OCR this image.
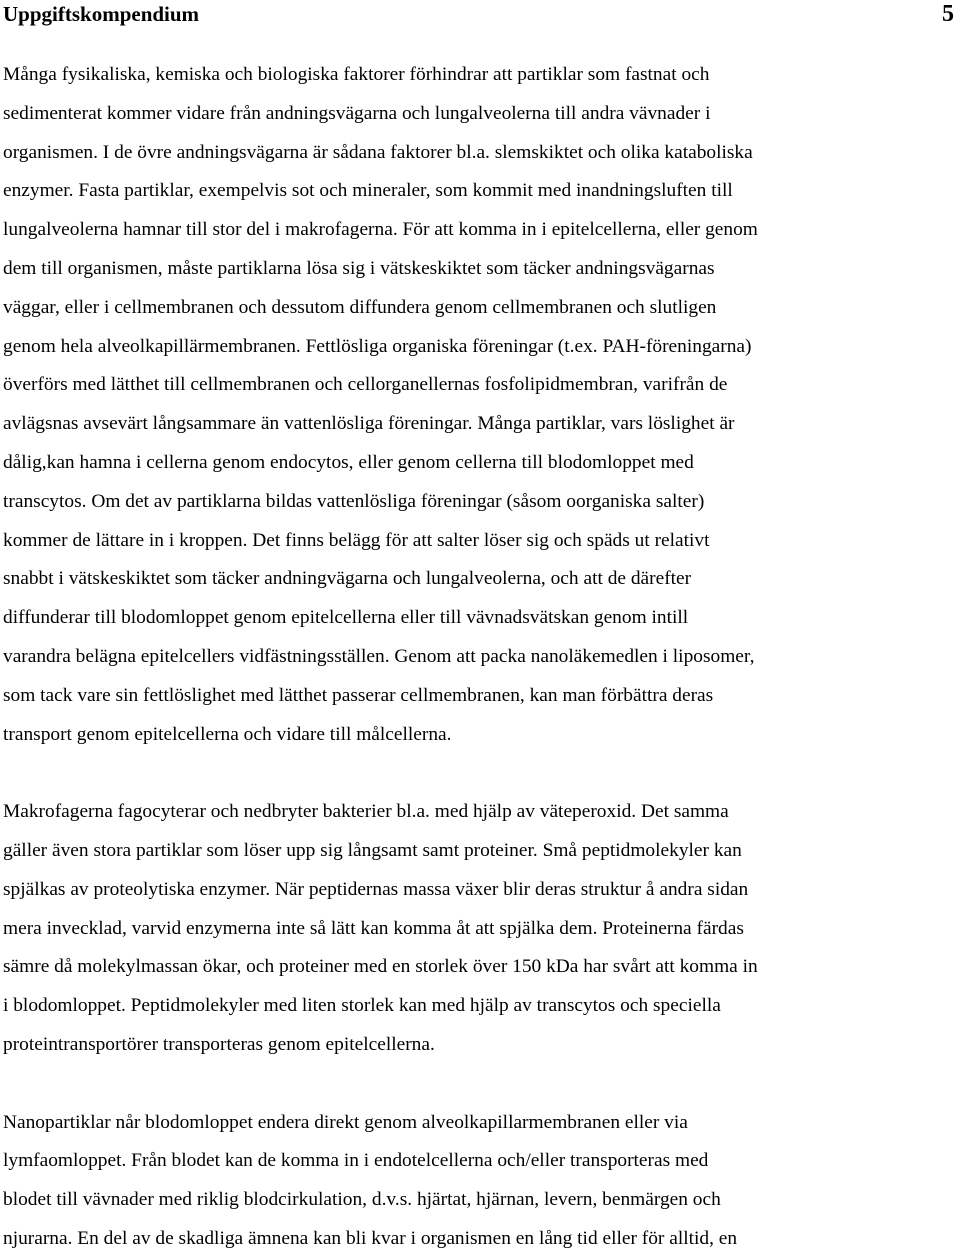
Uppgiftskompendium	5

Många fysikaliska, kemiska och biologiska faktorer förhindrar att partiklar som fastnat och
sedimenterat kommer vidare från andningsvägarna och lungalveolerna till andra vävnader i
organismen. I de övre andningsvägarna är sådana faktorer bl.a. slemskiktet och olika kataboliska
enzymer. Fasta partiklar, exempelvis sot och mineraler, som kommit med inandningsluften till
lungalveolerna hamnar till stor del i makrofagerna. För att komma in i epitelcellerna, eller genom
dem till organismen, måste partiklarna lösa sig i vätskeskiktet som täcker andningsvägarnas
väggar, eller i cellmembranen och dessutom diffundera genom cellmembranen och slutligen
genom hela alveolkapillärmembranen. Fettlösliga organiska föreningar (t.ex. PAH-föreningarna)
överförs med lätthet till cellmembranen och cellorganellernas fosfolipidmembran, varifrån de
avlägsnas avsevärt långsammare än vattenlösliga föreningar. Många partiklar, vars löslighet är
dålig,kan hamna i cellerna genom endocytos, eller genom cellerna till blodomloppet med
transcytos. Om det av partiklarna bildas vattenlösliga föreningar (såsom oorganiska salter)
kommer de lättare in i kroppen. Det finns belägg för att salter löser sig och späds ut relativt
snabbt i vätskeskiktet som täcker andningvägarna och lungalveolerna, och att de därefter
diffunderar till blodomloppet genom epitelcellerna eller till vävnadsvätskan genom intill
varandra belägna epitelcellers vidfästningsställen. Genom att packa nanoläkemedlen i liposomer,
som tack vare sin fettlöslighet med lätthet passerar cellmembranen, kan man förbättra deras
transport genom epitelcellerna och vidare till målcellerna.

Makrofagerna fagocyterar och nedbryter bakterier bl.a. med hjälp av väteperoxid. Det samma
gäller även stora partiklar som löser upp sig långsamt samt proteiner. Små peptidmolekyler kan
spjälkas av proteolytiska enzymer. När peptidernas massa växer blir deras struktur å andra sidan
mera invecklad, varvid enzymerna inte så lätt kan komma åt att spjälka dem. Proteinerna färdas
sämre då molekylmassan ökar, och proteiner med en storlek över 150 kDa har svårt att komma in
i blodomloppet. Peptidmolekyler med liten storlek kan med hjälp av transcytos och speciella
proteintransportörer transporteras genom epitelcellerna.

Nanopartiklar når blodomloppet endera direkt genom alveolkapillarmembranen eller via
lymfaomloppet. Från blodet kan de komma in i endotelcellerna och/eller transporteras med
blodet till vävnader med riklig blodcirkulation, d.v.s. hjärtat, hjärnan, levern, benmärgen och
njurarna. En del av de skadliga ämnena kan bli kvar i organismen en lång tid eller för alltid, en
